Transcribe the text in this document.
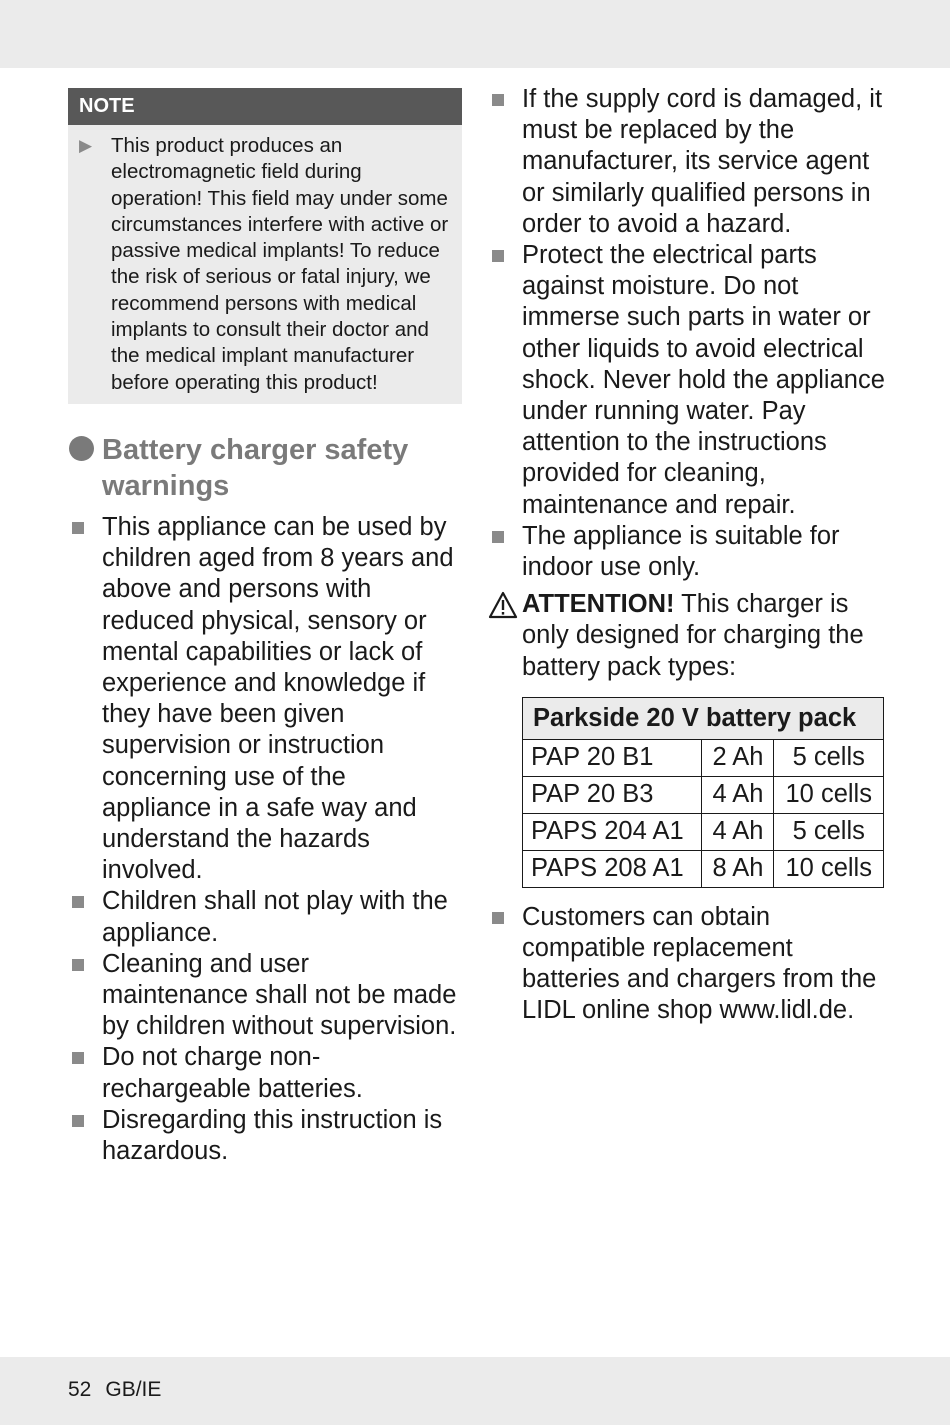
NOTE
▶ This product produces an electromagnetic field during operation! This field may under some circumstances interfere with active or passive medical implants! To reduce the risk of serious or fatal injury, we recommend persons with medical implants to consult their doctor and the medical implant manufacturer before operating this product!
Battery charger safety warnings
This appliance can be used by children aged from 8 years and above and persons with reduced physical, sensory or mental capabilities or lack of experience and knowledge if they have been given supervision or instruction concerning use of the appliance in a safe way and understand the hazards involved.
Children shall not play with the appliance.
Cleaning and user maintenance shall not be made by children without supervision.
Do not charge non-rechargeable batteries.
Disregarding this instruction is hazardous.
If the supply cord is damaged, it must be replaced by the manufacturer, its service agent or similarly qualified persons in order to avoid a hazard.
Protect the electrical parts against moisture. Do not immerse such parts in water or other liquids to avoid electrical shock. Never hold the appliance under running water. Pay attention to the instructions provided for cleaning, maintenance and repair.
The appliance is suitable for indoor use only.
ATTENTION! This charger is only designed for charging the battery pack types:
Parkside 20 V battery pack		
PAP 20 B1	2 Ah	5 cells
PAP 20 B3	4 Ah	10 cells
PAPS 204 A1	4 Ah	5 cells
PAPS 208 A1	8 Ah	10 cells
Customers can obtain compatible replacement batteries and chargers from the LIDL online shop www.lidl.de.
52 GB/IE
